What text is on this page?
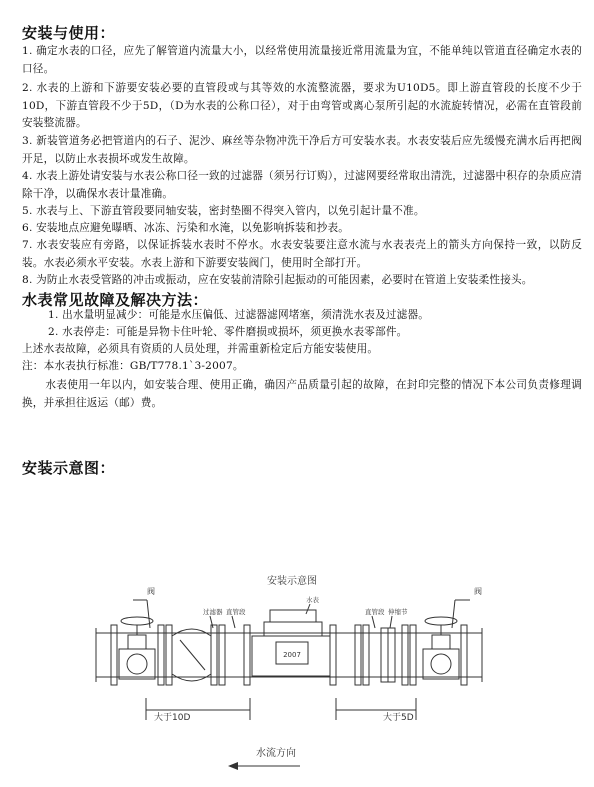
安装与使用：
1. 确定水表的口径，应先了解管道内流量大小，以经常使用流量接近常用流量为宜，不能单纯以管道直径确定水表的口径。
2. 水表的上游和下游要安装必要的直管段或与其等效的水流整流器，要求为U10D5。即上游直管段的长度不少于10D，下游直管段不少于5D，（D为水表的公称口径），对于由弯管或离心泵所引起的水流旋转情况，必需在直管段前安装整流器。
3. 新装管道务必把管道内的石子、泥沙、麻丝等杂物冲洗干净后方可安装水表。水表安装后应先缓慢充满水后再把阀开足，以防止水表损坏或发生故障。
4. 水表上游处请安装与水表公称口径一致的过滤器（须另行订购），过滤网要经常取出清洗，过滤器中积存的杂质应清除干净，以确保水表计量准确。
5. 水表与上、下游直管段要同轴安装，密封垫圈不得突入管内，以免引起计量不准。
6. 安装地点应避免曝晒、冰冻、污染和水淹，以免影响拆装和抄表。
7. 水表安装应有旁路，以保证拆装水表时不停水。水表安装要注意水流与水表表壳上的箭头方向保持一致，以防反装。水表必须水平安装。水表上游和下游要安装阀门，使用时全部打开。
8. 为防止水表受管路的冲击或振动，应在安装前清除引起振动的可能因素，必要时在管道上安装柔性接头。
水表常见故障及解决方法：
1. 出水量明显减少：可能是水压偏低、过滤器滤网堵塞，须清洗水表及过滤器。
2. 水表停走：可能是异物卡住叶轮、零件磨损或损坏，须更换水表零部件。
上述水表故障，必须具有资质的人员处理，并需重新检定后方能安装使用。
注：本水表执行标准：GB/T778.1`3-2007。
水表使用一年以内，如安装合理、使用正确，确因产品质量引起的故障，在封印完整的情况下本公司负责修理调换，并承担往返运（邮）费。
安装示意图：
2007
安装示意图
阀
过滤器 直管段
水表
直管段 伸缩节
阀
大于10D	大于5D
水流方向
